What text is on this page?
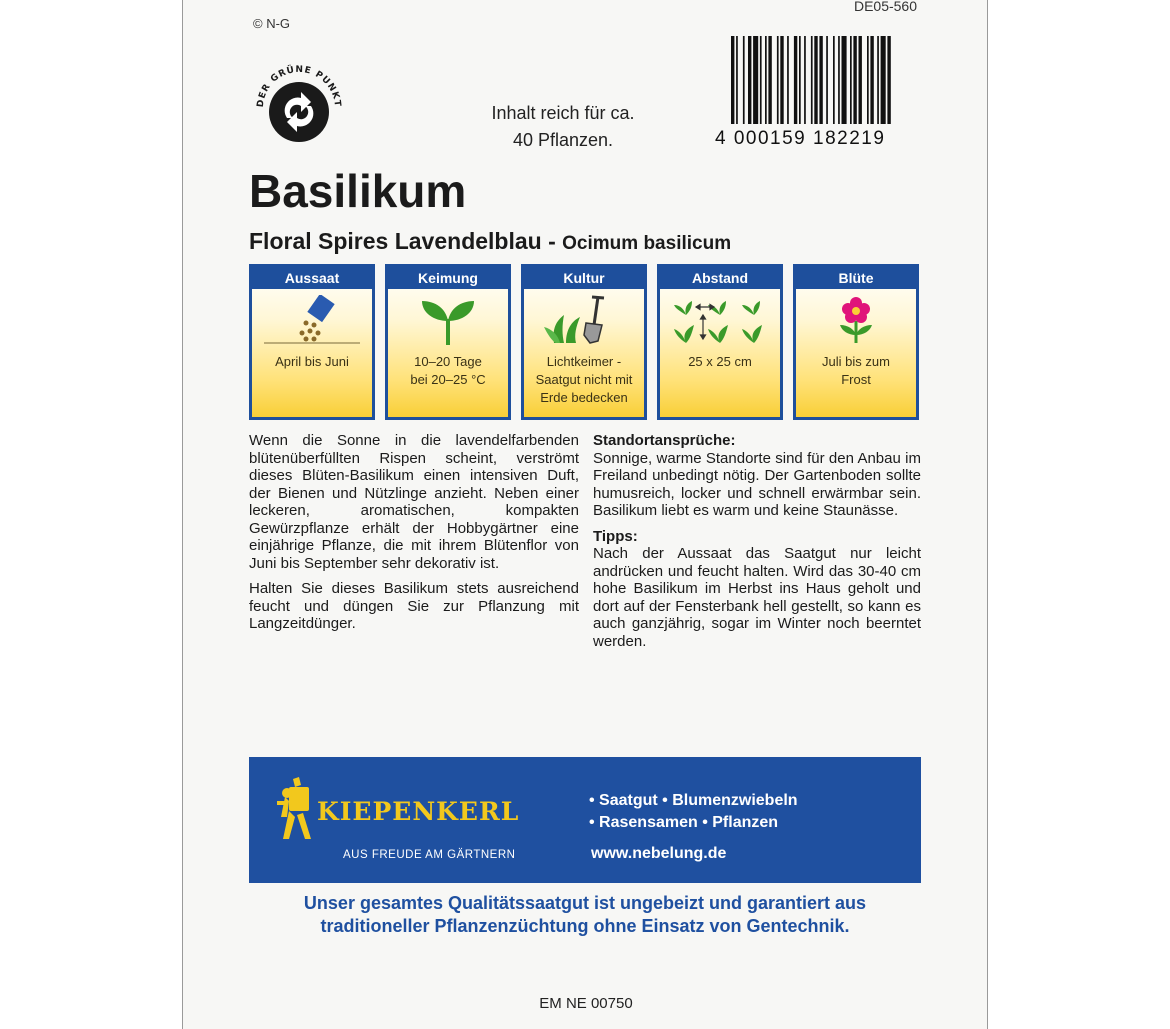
© N-G
DE05-560
DER GRÜNE PUNKT	Inhalt reich für ca.
40 Pflanzen.	4 000159 182219
Basilikum
Floral Spires Lavendelblau - Ocimum basilicum
Aussaat
April bis Juni
Keimung
10–20 Tage
bei 20–25 °C
Kultur
Lichtkeimer -
Saatgut nicht mit
Erde bedecken
Abstand
25 x 25 cm
Blüte
Juli bis zum
Frost

Wenn die Sonne in die lavendelfarbenden blütenüberfüllten Rispen scheint, verströmt dieses Blüten-Basilikum einen intensiven Duft, der Bienen und Nützlinge anzieht. Neben einer leckeren, aromatischen, kompakten Gewürzpflanze erhält der Hobbygärtner eine einjährige Pflanze, die mit ihrem Blütenflor von Juni bis September sehr dekorativ ist.

Halten Sie dieses Basilikum stets ausreichend feucht und düngen Sie zur Pflanzung mit Langzeitdünger.

Standortansprüche:

Sonnige, warme Standorte sind für den Anbau im Freiland unbedingt nötig. Der Gartenboden sollte humusreich, locker und schnell erwärmbar sein. Basilikum liebt es warm und keine Staunässe.

Tipps:

Nach der Aussaat das Saatgut nur leicht andrücken und feucht halten. Wird das 30-40 cm hohe Basilikum im Herbst ins Haus geholt und dort auf der Fensterbank hell gestellt, so kann es auch ganzjährig, sogar im Winter noch beerntet werden.

KIEPENKERL
AUS FREUDE AM GÄRTNERN
• Saatgut • Blumenzwiebeln
• Rasensamen • Pflanzen
www.nebelung.de
Unser gesamtes Qualitätssaatgut ist ungebeizt und garantiert aus
traditioneller Pflanzenzüchtung ohne Einsatz von Gentechnik.
EM NE 00750
